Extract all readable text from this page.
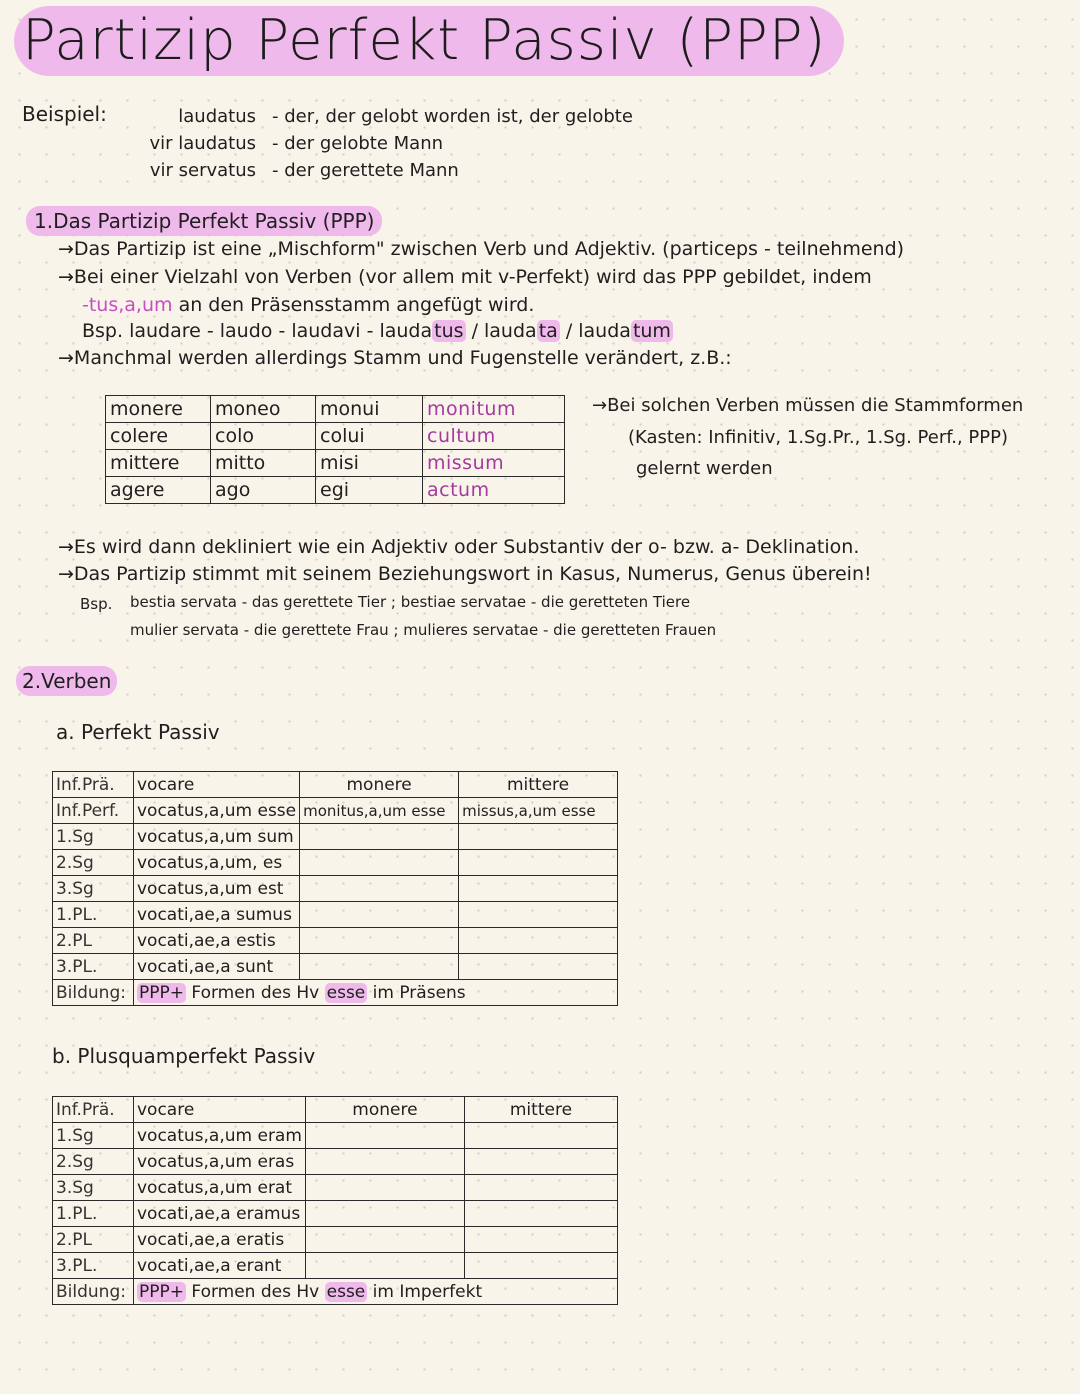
Partizip Perfekt Passiv (PPP)
Beispiel:	laudatus - der, der gelobt worden ist, der gelobte
vir laudatus - der gelobte Mann
vir servatus - der gerettete Mann
1.Das Partizip Perfekt Passiv (PPP)
→Das Partizip ist eine „Mischform" zwischen Verb und Adjektiv. (particeps - teilnehmend)
→Bei einer Vielzahl von Verben (vor allem mit v-Perfekt) wird das PPP gebildet, indem
-tus,a,um an den Präsensstamm angefügt wird.
Bsp. laudare - laudo - laudavi - lauda tus / lauda ta / lauda tum
→Manchmal werden allerdings Stamm und Fugenstelle verändert, z.B.:
monere	moneo	monui	monitum
colere	colo	colui	cultum
mittere	mitto	misi	missum
agere	ago	egi	actum
→Bei solchen Verben müssen die Stammformen
(Kasten: Infinitiv, 1.Sg.Pr., 1.Sg. Perf., PPP)
gelernt werden
→Es wird dann dekliniert wie ein Adjektiv oder Substantiv der o- bzw. a- Deklination.
→Das Partizip stimmt mit seinem Beziehungswort in Kasus, Numerus, Genus überein!
Bsp. bestia servata - das gerettete Tier ; bestiae servatae - die geretteten Tiere
mulier servata - die gerettete Frau ; mulieres servatae - die geretteten Frauen
2.Verben
a. Perfekt Passiv
Inf.Prä.	vocare	monere	mittere
Inf.Perf.	vocatus,a,um esse	monitus,a,um esse	missus,a,um esse
1.Sg	vocatus,a,um sum		
2.Sg	vocatus,a,um, es		
3.Sg	vocatus,a,um est		
1.PL.	vocati,ae,a sumus		
2.PL	vocati,ae,a estis		
3.PL.	vocati,ae,a sunt		
Bildung:	PPP+ Formen des Hv esse im Präsens		
b. Plusquamperfekt Passiv
Inf.Prä.	vocare	monere	mittere
1.Sg	vocatus,a,um eram		
2.Sg	vocatus,a,um eras		
3.Sg	vocatus,a,um erat		
1.PL.	vocati,ae,a eramus		
2.PL	vocati,ae,a eratis		
3.PL.	vocati,ae,a erant		
Bildung:	PPP+ Formen des Hv esse im Imperfekt		
